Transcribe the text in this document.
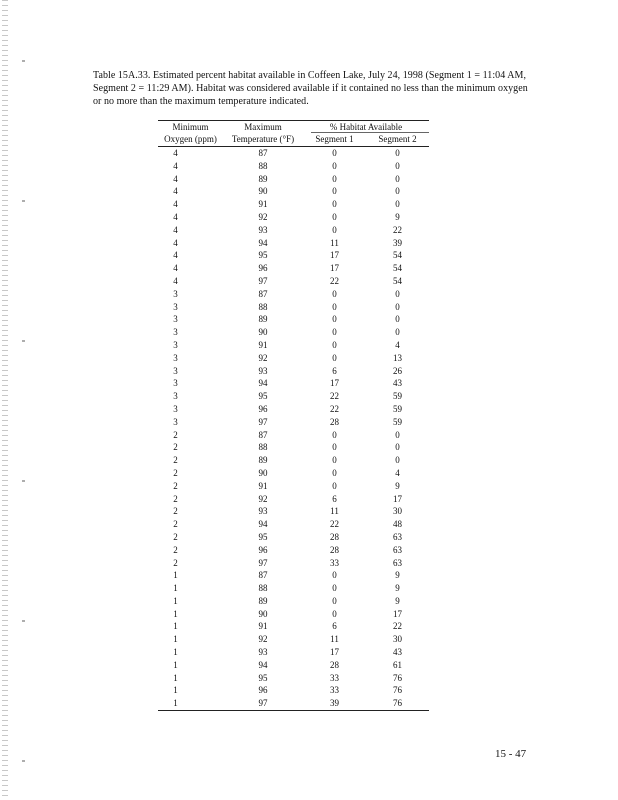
Table 15A.33. Estimated percent habitat available in Coffeen Lake, July 24, 1998 (Segment 1 = 11:04 AM, Segment 2 = 11:29 AM). Habitat was considered available if it contained no less than the minimum oxygen or no more than the maximum temperature indicated.
Minimum	Maximum	% Habitat Available	

Oxygen (ppm)	Temperature (°F)	Segment 1	Segment 2
4	87	0	0
4	88	0	0
4	89	0	0
4	90	0	0
4	91	0	0
4	92	0	9
4	93	0	22
4	94	11	39
4	95	17	54
4	96	17	54
4	97	22	54
3	87	0	0
3	88	0	0
3	89	0	0
3	90	0	0
3	91	0	4
3	92	0	13
3	93	6	26
3	94	17	43
3	95	22	59
3	96	22	59
3	97	28	59
2	87	0	0
2	88	0	0
2	89	0	0
2	90	0	4
2	91	0	9
2	92	6	17
2	93	11	30
2	94	22	48
2	95	28	63
2	96	28	63
2	97	33	63
1	87	0	9
1	88	0	9
1	89	0	9
1	90	0	17
1	91	6	22
1	92	11	30
1	93	17	43
1	94	28	61
1	95	33	76
1	96	33	76
1	97	39	76
15 - 47
